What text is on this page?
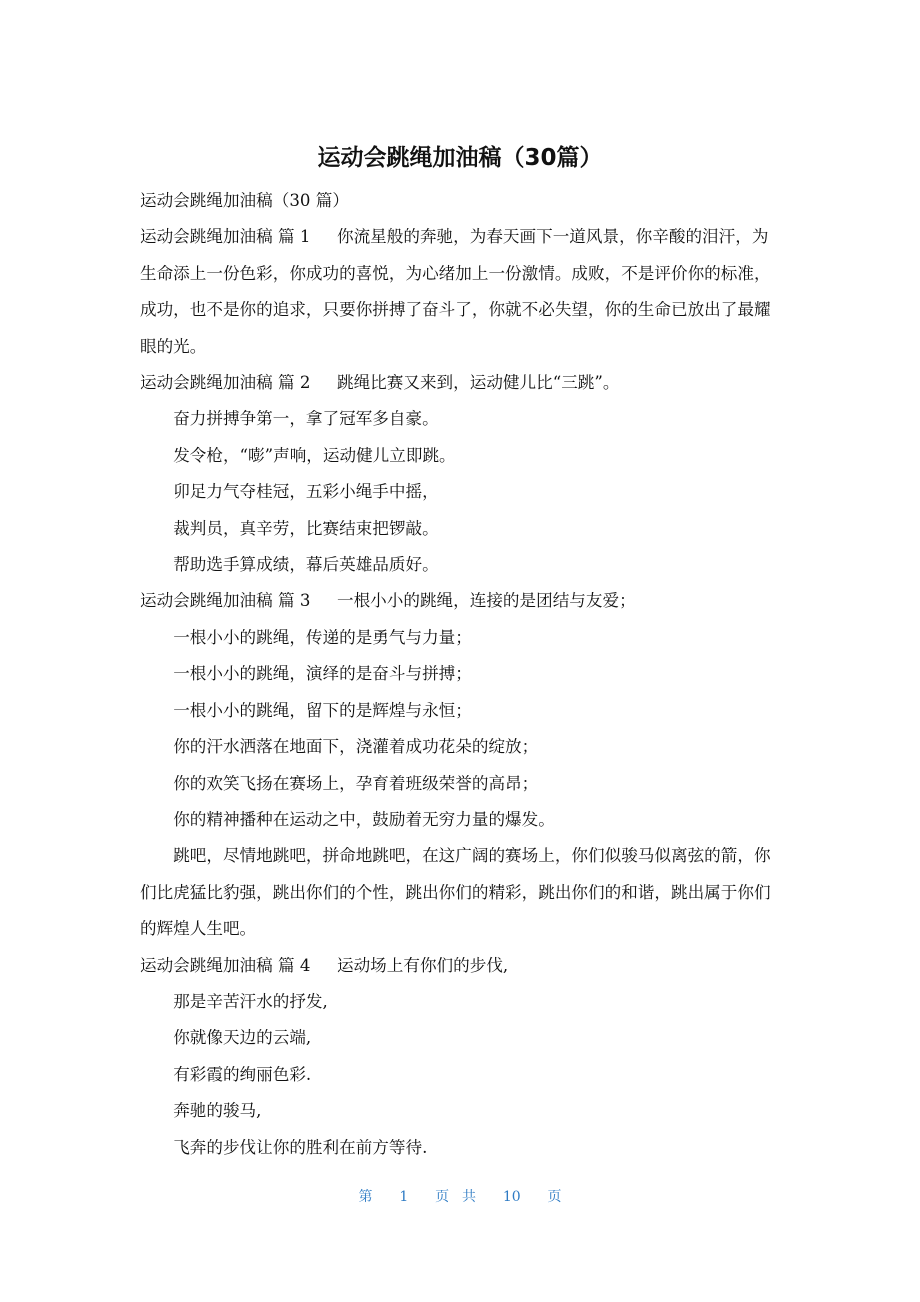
运动会跳绳加油稿（30篇）

运动会跳绳加油稿（30 篇）

运动会跳绳加油稿 篇 1 你流星般的奔驰，为春天画下一道风景，你辛酸的泪汗，为生命添上一份色彩，你成功的喜悦，为心绪加上一份激情。成败，不是评价你的标准，成功，也不是你的追求，只要你拼搏了奋斗了，你就不必失望，你的生命已放出了最耀眼的光。

运动会跳绳加油稿 篇 2 跳绳比赛又来到，运动健儿比“三跳”。

奋力拼搏争第一，拿了冠军多自豪。

发令枪，“嘭”声响，运动健儿立即跳。

卯足力气夺桂冠，五彩小绳手中摇，

裁判员，真辛劳，比赛结束把锣敲。

帮助选手算成绩，幕后英雄品质好。

运动会跳绳加油稿 篇 3 一根小小的跳绳，连接的是团结与友爱；

一根小小的跳绳，传递的是勇气与力量；

一根小小的跳绳，演绎的是奋斗与拼搏；

一根小小的跳绳，留下的是辉煌与永恒；

你的汗水洒落在地面下，浇灌着成功花朵的绽放；

你的欢笑飞扬在赛场上，孕育着班级荣誉的高昂；

你的精神播种在运动之中，鼓励着无穷力量的爆发。

跳吧，尽情地跳吧，拼命地跳吧，在这广阔的赛场上，你们似骏马似离弦的箭，你们比虎猛比豹强，跳出你们的个性，跳出你们的精彩，跳出你们的和谐，跳出属于你们的辉煌人生吧。

运动会跳绳加油稿 篇 4 运动场上有你们的步伐,

那是辛苦汗水的抒发,

你就像天边的云端,

有彩霞的绚丽色彩.

奔驰的骏马,

飞奔的步伐让你的胜利在前方等待.

第 1 页 共 10 页
